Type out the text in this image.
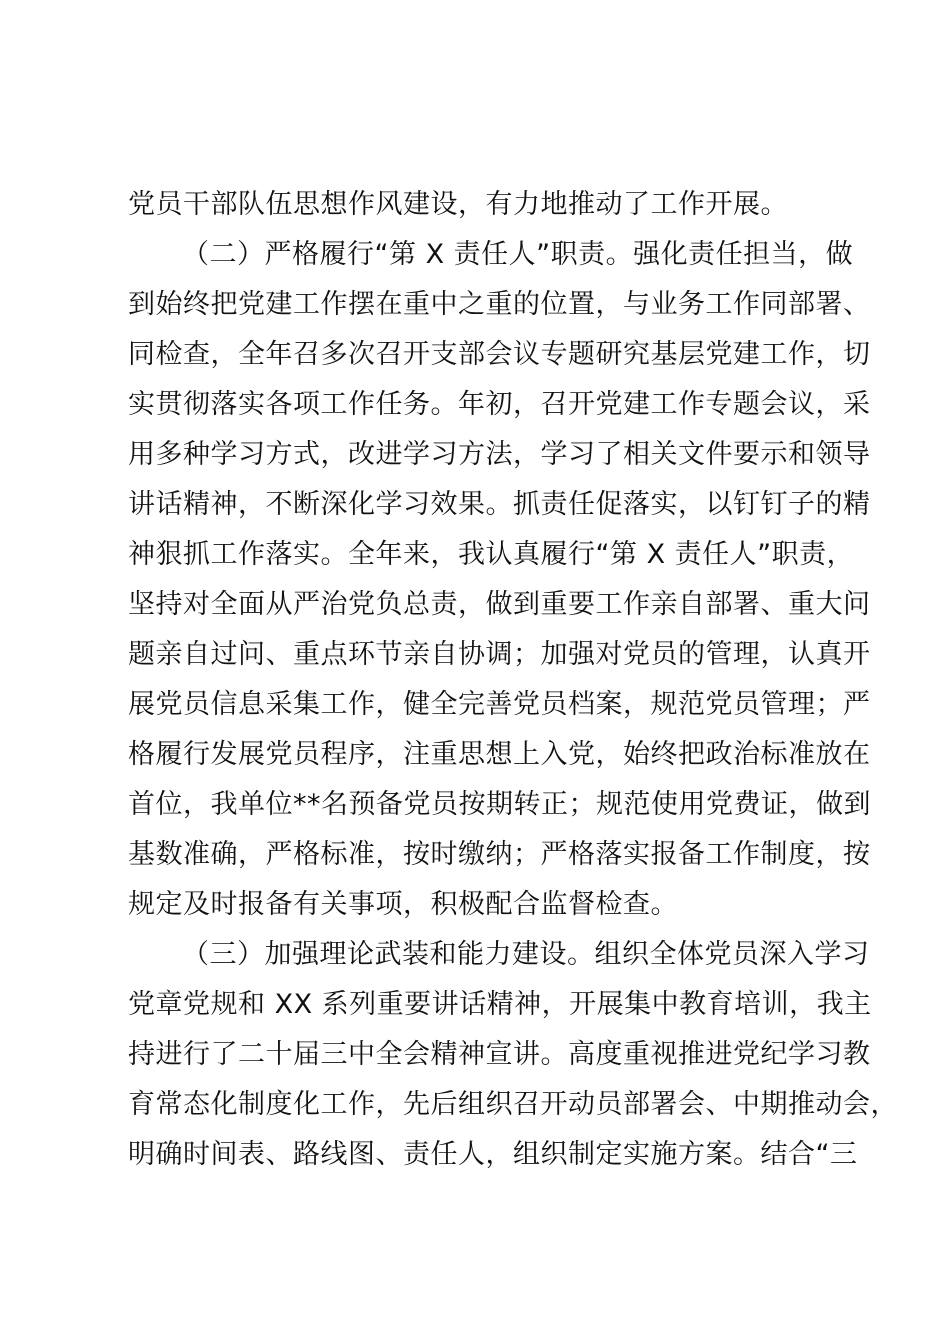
党员干部队伍思想作风建设，有力地推动了工作开展。
（二）严格履行“第 X 责任人”职责。强化责任担当，做
到始终把党建工作摆在重中之重的位置，与业务工作同部署、
同检查，全年召多次召开支部会议专题研究基层党建工作，切
实贯彻落实各项工作任务。年初，召开党建工作专题会议，采
用多种学习方式，改进学习方法，学习了相关文件要示和领导
讲话精神，不断深化学习效果。抓责任促落实，以钉钉子的精
神狠抓工作落实。全年来，我认真履行“第 X 责任人”职责，
坚持对全面从严治党负总责，做到重要工作亲自部署、重大问
题亲自过问、重点环节亲自协调；加强对党员的管理，认真开
展党员信息采集工作，健全完善党员档案，规范党员管理；严
格履行发展党员程序，注重思想上入党，始终把政治标准放在
首位，我单位**名预备党员按期转正；规范使用党费证，做到
基数准确，严格标准，按时缴纳；严格落实报备工作制度，按
规定及时报备有关事项，积极配合监督检查。
（三）加强理论武装和能力建设。组织全体党员深入学习
党章党规和 XX 系列重要讲话精神，开展集中教育培训，我主
持进行了二十届三中全会精神宣讲。高度重视推进党纪学习教
育常态化制度化工作，先后组织召开动员部署会、中期推动会，
明确时间表、路线图、责任人，组织制定实施方案。结合“三
